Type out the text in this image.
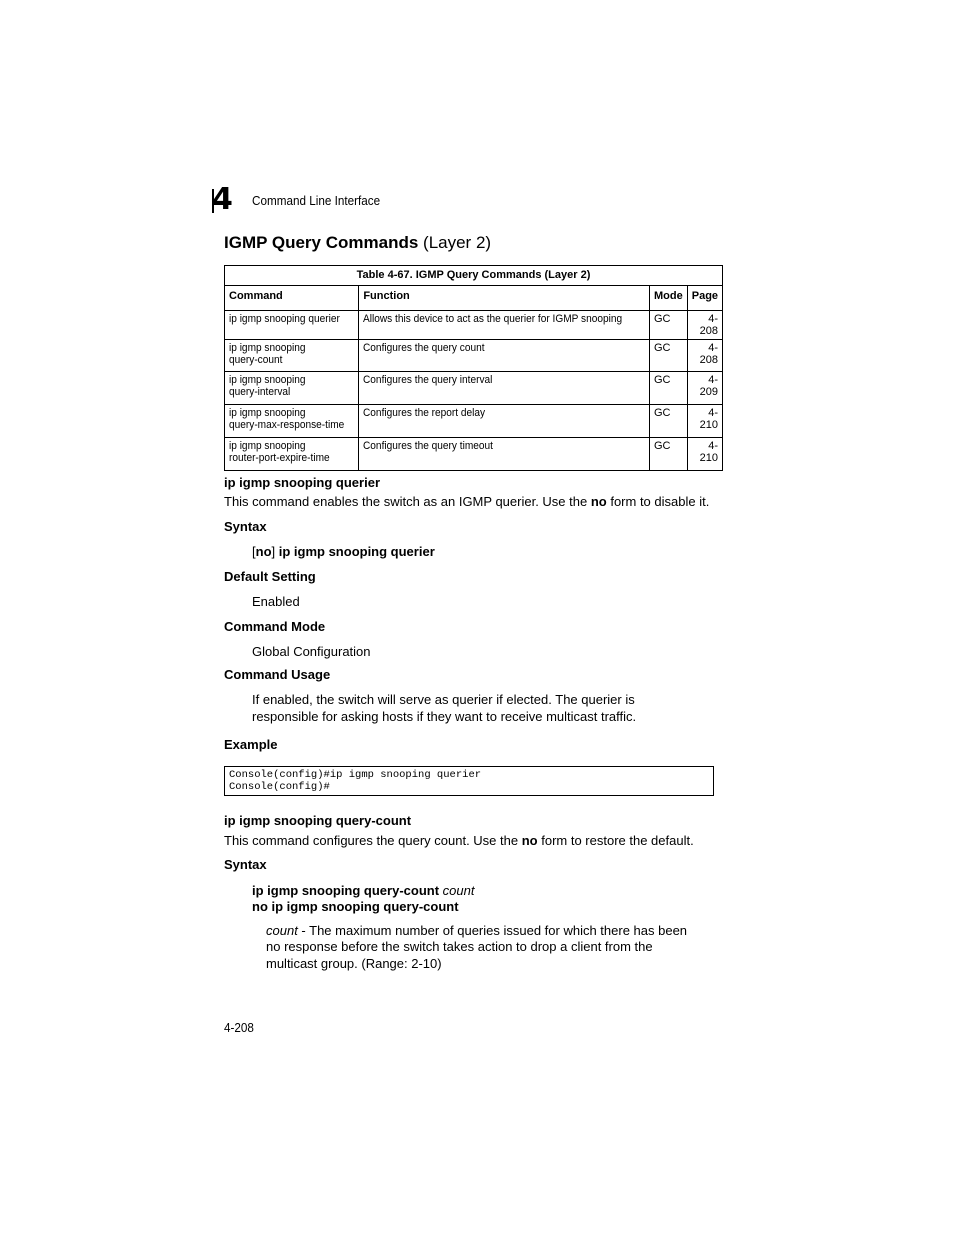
4	Command Line Interface
IGMP Query Commands (Layer 2)
Table 4-67. IGMP Query Commands (Layer 2)
Command	Function	Mode	Page
ip igmp snooping querier	Allows this device to act as the querier for IGMP snooping	GC	4-208
ip igmp snooping
query-count	Configures the query count	GC	4-208
ip igmp snooping
query-interval	Configures the query interval	GC	4-209
ip igmp snooping
query-max-response-time	Configures the report delay	GC	4-210
ip igmp snooping
router-port-expire-time	Configures the query timeout	GC	4-210
ip igmp snooping querier
This command enables the switch as an IGMP querier. Use the no form to disable it.
Syntax
[no] ip igmp snooping querier
Default Setting
Enabled
Command Mode
Global Configuration
Command Usage
If enabled, the switch will serve as querier if elected. The querier is
responsible for asking hosts if they want to receive multicast traffic.
Example
Console(config)#ip igmp snooping querier
Console(config)#
ip igmp snooping query-count
This command configures the query count. Use the no form to restore the default.
Syntax
ip igmp snooping query-count count
no ip igmp snooping query-count
count - The maximum number of queries issued for which there has been
no response before the switch takes action to drop a client from the
multicast group. (Range: 2-10)
4-208
